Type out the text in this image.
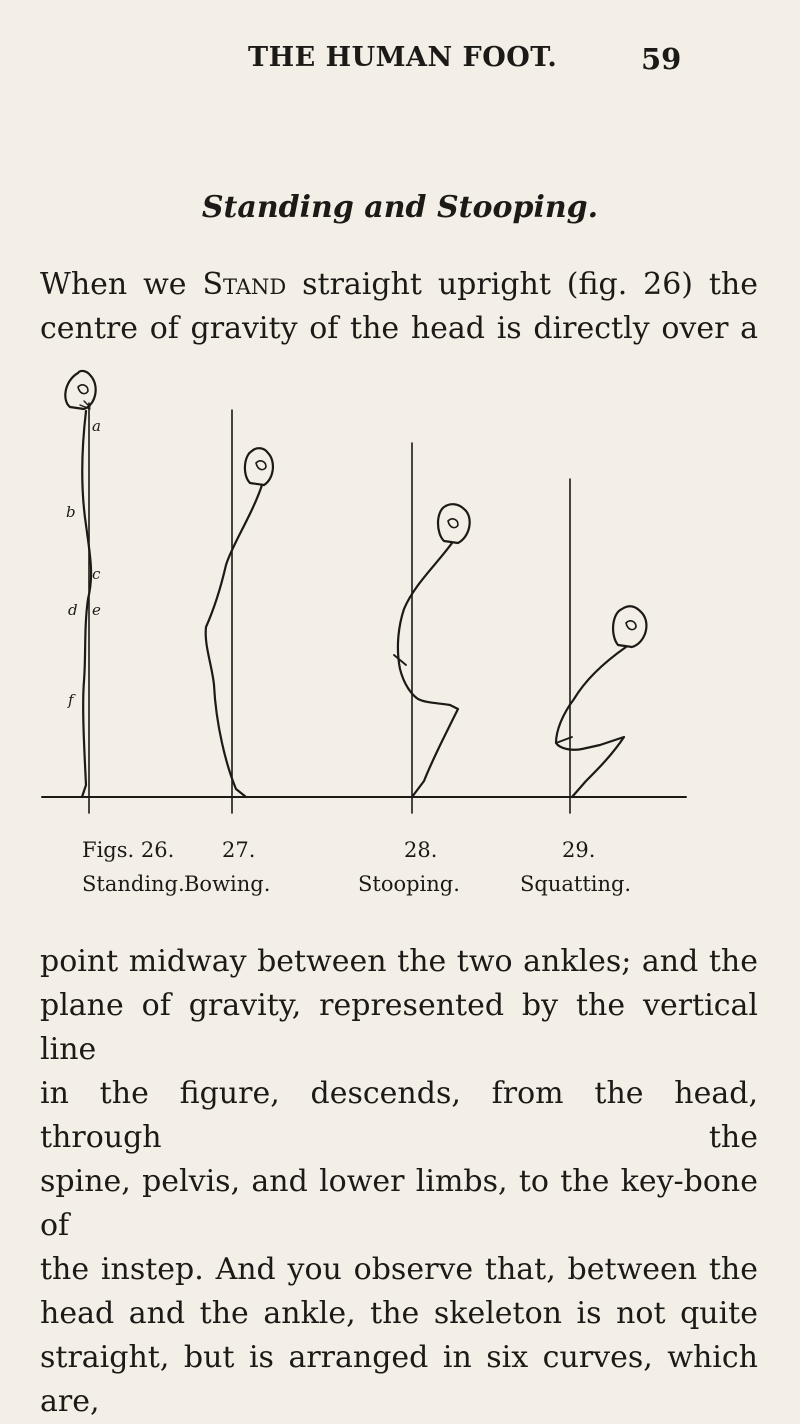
THE HUMAN FOOT.	59
Standing and Stooping.
When we Stand straight upright (fig. 26) the
centre of gravity of the head is directly over a
a
b
c
d e
f
Figs. 26. 27.	28.	29.
Standing. Bowing.	Stooping.	Squatting.
point midway between the two ankles; and the
plane of gravity, represented by the vertical line
in the figure, descends, from the head, through the
spine, pelvis, and lower limbs, to the key-bone of
the instep. And you observe that, between the
head and the ankle, the skeleton is not quite
straight, but is arranged in six curves, which are,
